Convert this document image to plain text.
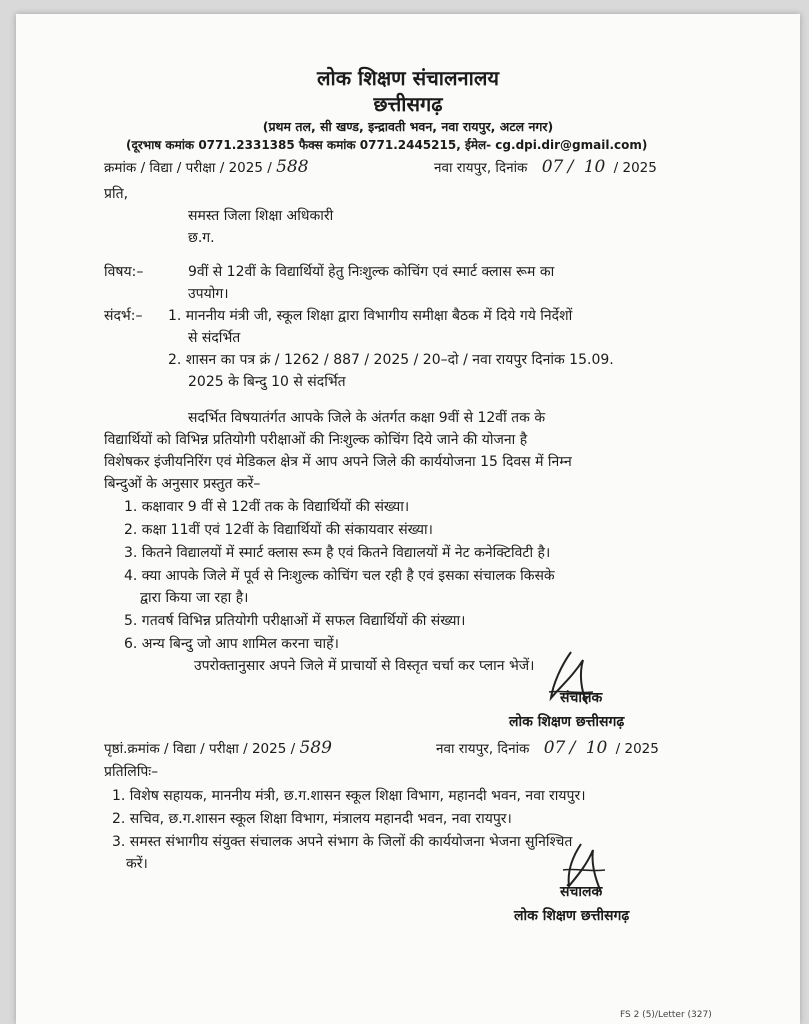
लोक शिक्षण संचालनालय
छत्तीसगढ़
(प्रथम तल, सी खण्ड, इन्द्रावती भवन, नवा रायपुर, अटल नगर)
(दूरभाष कमांक 0771.2331385 फैक्स कमांक 0771.2445215, ईमेल- cg.dpi.dir@gmail.com)
क्रमांक / विद्या / परीक्षा / 2025 / 588	नवा रायपुर, दिनांक 07 / 10 / 2025
प्रति,
समस्त जिला शिक्षा अधिकारी
छ.ग.
विषय:–	9वीं से 12वीं के विद्यार्थियों हेतु निःशुल्क कोचिंग एवं स्मार्ट क्लास रूम का
उपयोग।
संदर्भ:– 1. माननीय मंत्री जी, स्कूल शिक्षा द्वारा विभागीय समीक्षा बैठक में दिये गये निर्देशों
से संदर्भित
2. शासन का पत्र क्रं / 1262 / 887 / 2025 / 20–दो / नवा रायपुर दिनांक 15.09.
2025 के बिन्दु 10 से संदर्भित
सदर्भित विषयातंर्गत आपके जिले के अंतर्गत कक्षा 9वीं से 12वीं तक के
विद्यार्थियों को विभिन्न प्रतियोगी परीक्षाओं की निःशुल्क कोचिंग दिये जाने की योजना है
विशेषकर इंजीयनिरिंग एवं मेडिकल क्षेत्र में आप अपने जिले की कार्ययोजना 15 दिवस में निम्न
बिन्दुओं के अनुसार प्रस्तुत करें–
1. कक्षावार 9 वीं से 12वीं तक के विद्यार्थियों की संख्या।
2. कक्षा 11वीं एवं 12वीं के विद्यार्थियों की संकायवार संख्या।
3. कितने विद्यालयों में स्मार्ट क्लास रूम है एवं कितने विद्यालयों में नेट कनेक्टिविटी है।
4. क्या आपके जिले में पूर्व से निःशुल्क कोचिंग चल रही है एवं इसका संचालक किसके
द्वारा किया जा रहा है।
5. गतवर्ष विभिन्न प्रतियोगी परीक्षाओं में सफल विद्यार्थियों की संख्या।
6. अन्य बिन्दु जो आप शामिल करना चाहें।
उपरोक्तानुसार अपने जिले में प्राचार्यो से विस्तृत चर्चा कर प्लान भेजें।
संचालक
लोक शिक्षण छत्तीसगढ़
पृष्ठां.क्रमांक / विद्या / परीक्षा / 2025 / 589	नवा रायपुर, दिनांक 07 / 10 / 2025
प्रतिलिपिः–
1. विशेष सहायक, माननीय मंत्री, छ.ग.शासन स्कूल शिक्षा विभाग, महानदी भवन, नवा रायपुर।
2. सचिव, छ.ग.शासन स्कूल शिक्षा विभाग, मंत्रालय महानदी भवन, नवा रायपुर।
3. समस्त संभागीय संयुक्त संचालक अपने संभाग के जिलों की कार्ययोजना भेजना सुनिश्चित
करें।
संचालक
लोक शिक्षण छत्तीसगढ़
FS 2 (5)/Letter (327)
